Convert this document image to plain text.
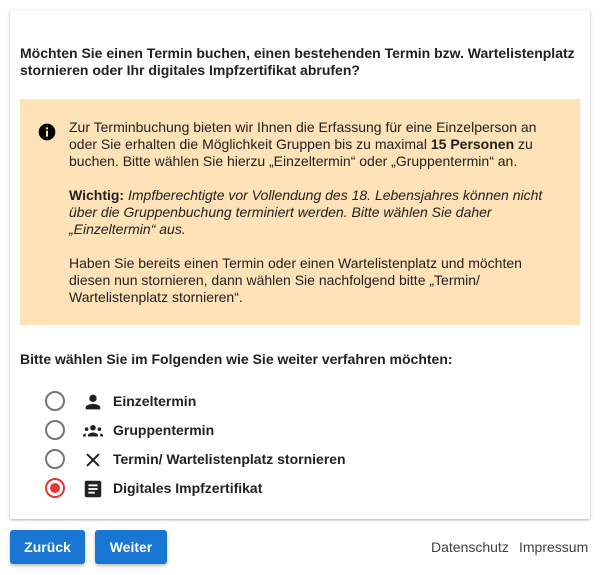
Möchten Sie einen Termin buchen, einen bestehenden Termin bzw. Wartelistenplatz stornieren oder Ihr digitales Impfzertifikat abrufen?

Zur Terminbuchung bieten wir Ihnen die Erfassung für eine Einzelperson an oder Sie erhalten die Möglichkeit Gruppen bis zu maximal 15 Personen zu buchen. Bitte wählen Sie hierzu „Einzeltermin“ oder „Gruppentermin“ an.

Wichtig: Impfberechtigte vor Vollendung des 18. Lebensjahres können nicht über die Gruppenbuchung terminiert werden. Bitte wählen Sie daher „Einzeltermin“ aus.

Haben Sie bereits einen Termin oder einen Wartelistenplatz und möchten diesen nun stornieren, dann wählen Sie nachfolgend bitte „Termin/ Wartelistenplatz stornieren“.

Bitte wählen Sie im Folgenden wie Sie weiter verfahren möchten:
Einzeltermin
Gruppentermin
Termin/ Wartelistenplatz stornieren
Digitales Impfzertifikat
Zurück	Weiter	Datenschutz Impressum
